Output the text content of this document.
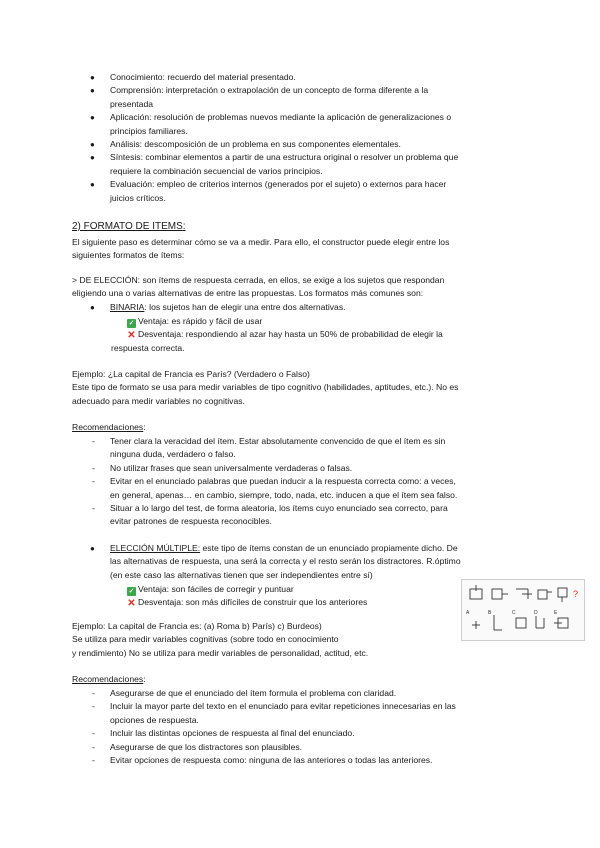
● Conocimiento: recuerdo del material presentado.
● Comprensión: interpretación o extrapolación de un concepto de forma diferente a la
presentada
● Aplicación: resolución de problemas nuevos mediante la aplicación de generalizaciones o
principios familiares.
● Análisis: descomposición de un problema en sus componentes elementales.
● Síntesis: combinar elementos a partir de una estructura original o resolver un problema que
requiere la combinación secuencial de varios principios.
● Evaluación: empleo de criterios internos (generados por el sujeto) o externos para hacer
juicios críticos.
2) FORMATO DE ITEMS:
El siguiente paso es determinar cómo se va a medir. Para ello, el constructor puede elegir entre los
siguientes formatos de ítems:
> DE ELECCIÓN: son ítems de respuesta cerrada, en ellos, se exige a los sujetos que respondan
eligiendo una o varias alternativas de entre las propuestas. Los formatos más comunes son:
● BINARIA: los sujetos han de elegir una entre dos alternativas.
✓ Ventaja: es rápido y fácil de usar
✕ Desventaja: respondiendo al azar hay hasta un 50% de probabilidad de elegir la
respuesta correcta.
Ejemplo: ¿La capital de Francia es París? (Verdadero o Falso)
Este tipo de formato se usa para medir variables de tipo cognitivo (habilidades, aptitudes, etc.). No es
adecuado para medir variables no cognitivas.
Recomendaciones:
- Tener clara la veracidad del ítem. Estar absolutamente convencido de que el ítem es sin
ninguna duda, verdadero o falso.
- No utilizar frases que sean universalmente verdaderas o falsas.
- Evitar en el enunciado palabras que puedan inducir a la respuesta correcta como: a veces,
en general, apenas… en cambio, siempre, todo, nada, etc. inducen a que el ítem sea falso.
- Situar a lo largo del test, de forma aleatoria, los ítems cuyo enunciado sea correcto, para
evitar patrones de respuesta reconocibles.
● ELECCIÓN MÚLTIPLE: este tipo de ítems constan de un enunciado propiamente dicho. De
las alternativas de respuesta, una será la correcta y el resto serán los distractores. R.óptimo
(en este caso las alternativas tienen que ser independientes entre sí)
✓ Ventaja: son fáciles de corregir y puntuar
✕ Desventaja: son más difíciles de construir que los anteriores
A	B	C	D	E
?
Ejemplo: La capital de Francia es: (a) Roma b) París) c) Burdeos)
Se utiliza para medir variables cognitivas (sobre todo en conocimiento
y rendimiento) No se utiliza para medir variables de personalidad, actitud, etc.
Recomendaciones:
- Asegurarse de que el enunciado del ítem formula el problema con claridad.
- Incluir la mayor parte del texto en el enunciado para evitar repeticiones innecesarias en las
opciones de respuesta.
- Incluir las distintas opciones de respuesta al final del enunciado.
- Asegurarse de que los distractores son plausibles.
- Evitar opciones de respuesta como: ninguna de las anteriores o todas las anteriores.
